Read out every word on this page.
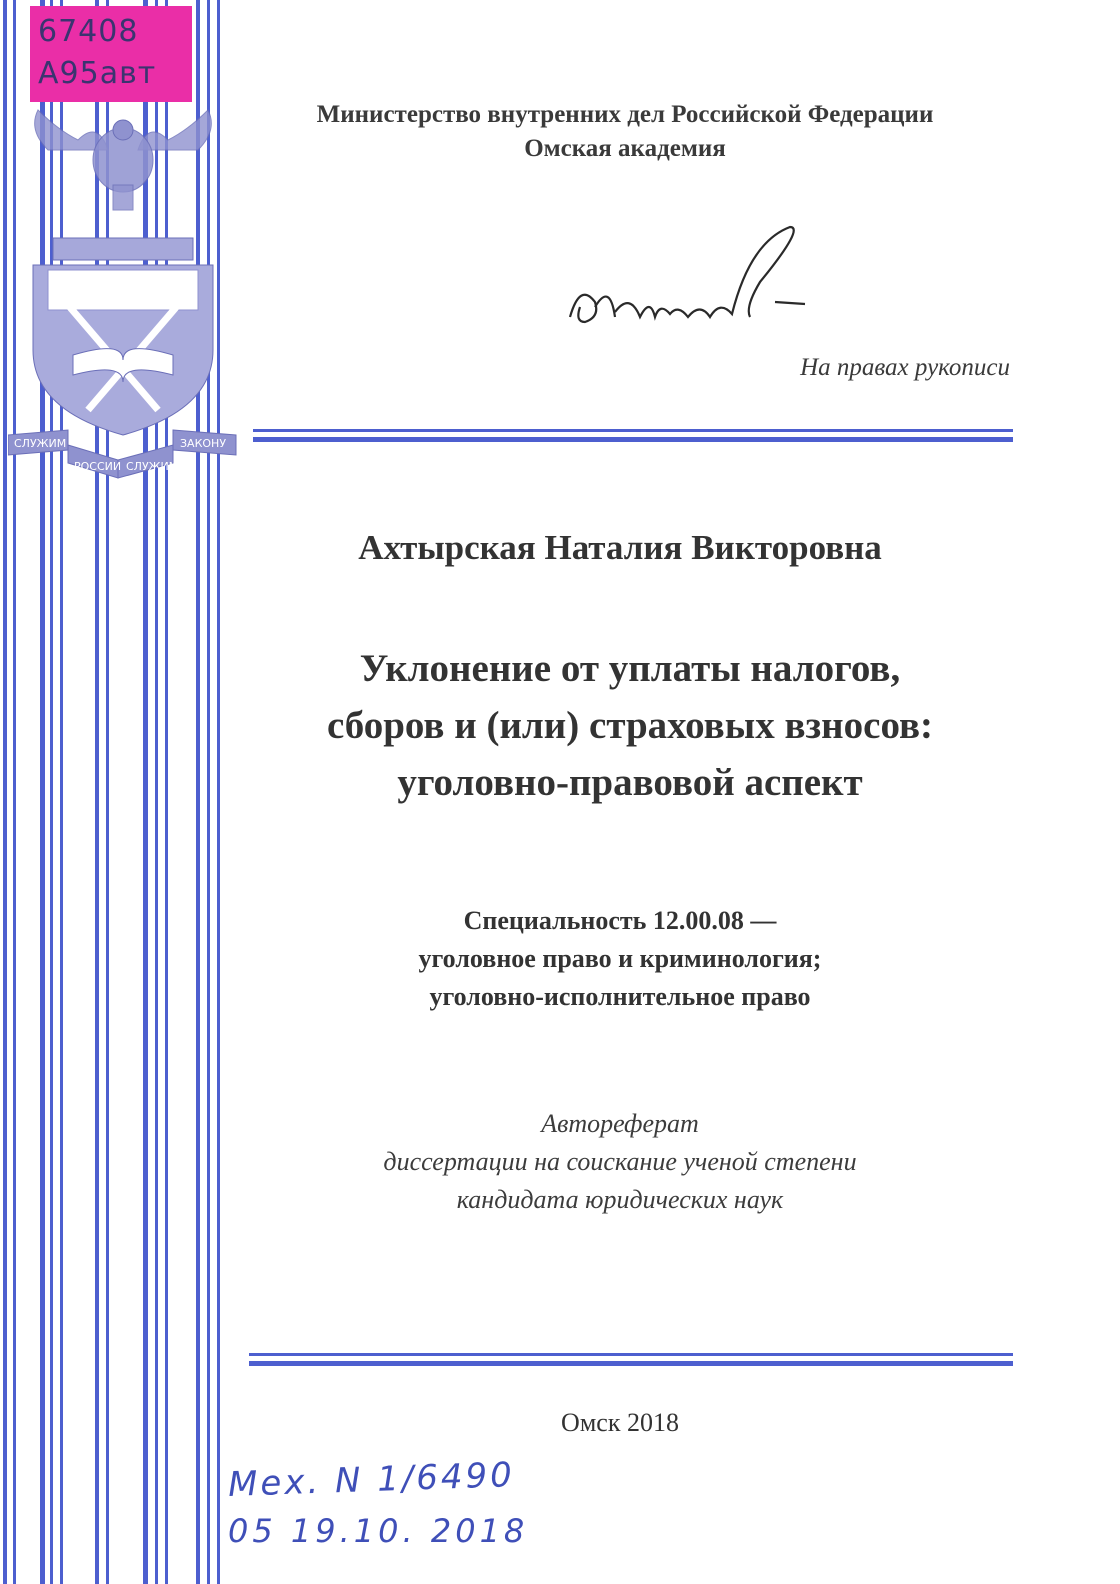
67408
А95авт
СЛУЖИМ
РОССИИ СЛУЖИМ
ЗАКОНУ
Министерство внутренних дел Российской Федерации
Омская академия
На правах рукописи
Ахтырская Наталия Викторовна
Уклонение от уплаты налогов,
сборов и (или) страховых взносов:
уголовно-правовой аспект
Специальность 12.00.08 —
уголовное право и криминология;
уголовно-исполнительное право
Автореферат
диссертации на соискание ученой степени
кандидата юридических наук
Омск 2018
Mex. N 1/6490
05 19.10. 2018
